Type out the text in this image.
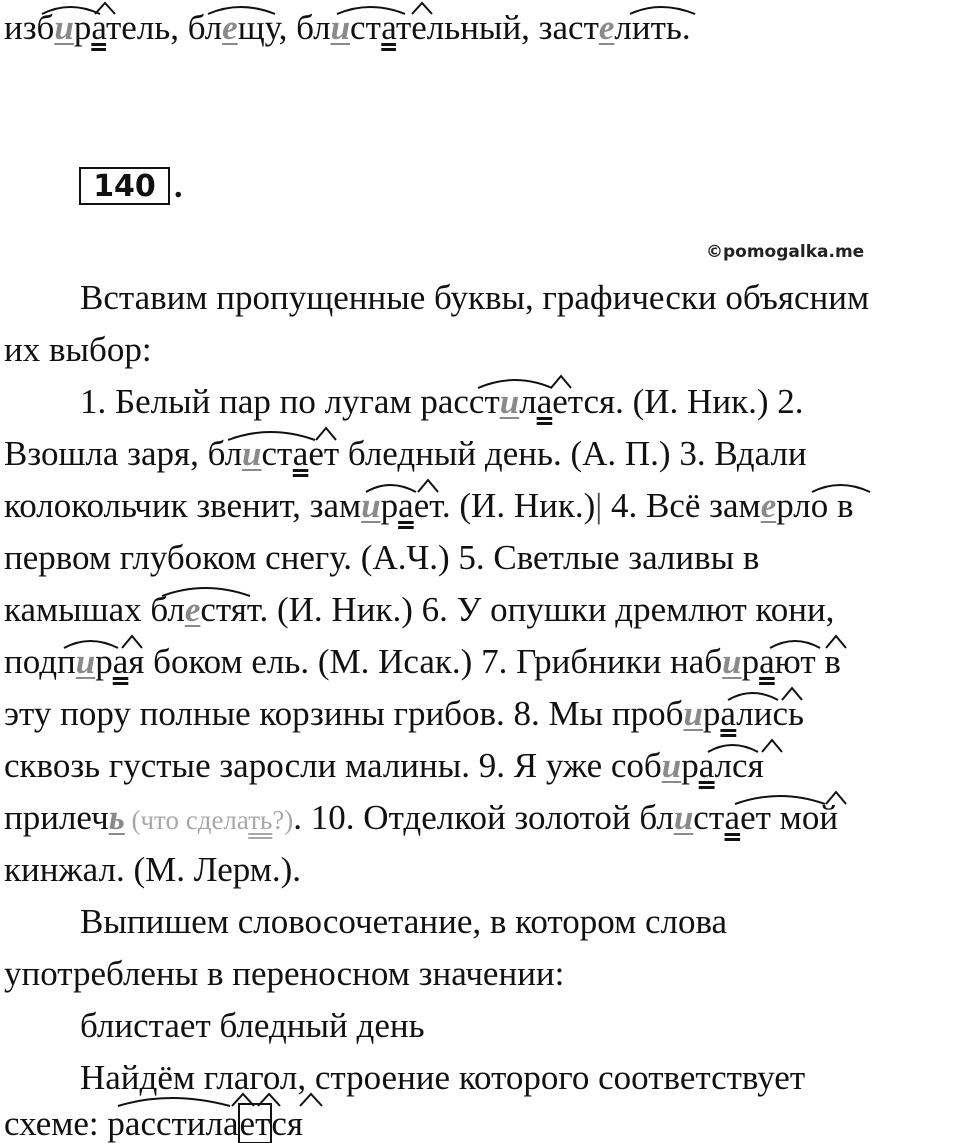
избиратель, блещу, блистательный, застелить.
140 .
©pomogalka.me
Вставим пропущенные буквы, графически объясним
их выбор:
1. Белый пар по лугам расстилается. (И. Ник.) 2.
Взошла заря, блистает бледный день. (А. П.) 3. Вдали
колокольчик звенит, замирает. (И. Ник.)| 4. Всё замерло в
первом глубоком снегу. (А.Ч.) 5. Светлые заливы в
камышах блестят. (И. Ник.) 6. У опушки дремлют кони,
подпирая боком ель. (М. Исак.) 7. Грибники набирают в
эту пору полные корзины грибов. 8. Мы пробирались
сквозь густые заросли малины. 9. Я уже собирался
прилечь (что сделать?). 10. Отделкой золотой блистает мой
кинжал. (М. Лерм.).
Выпишем словосочетание, в котором слова
употреблены в переносном значении:
блистает бледный день
Найдём глагол, строение которого соответствует
схеме: расстилается
